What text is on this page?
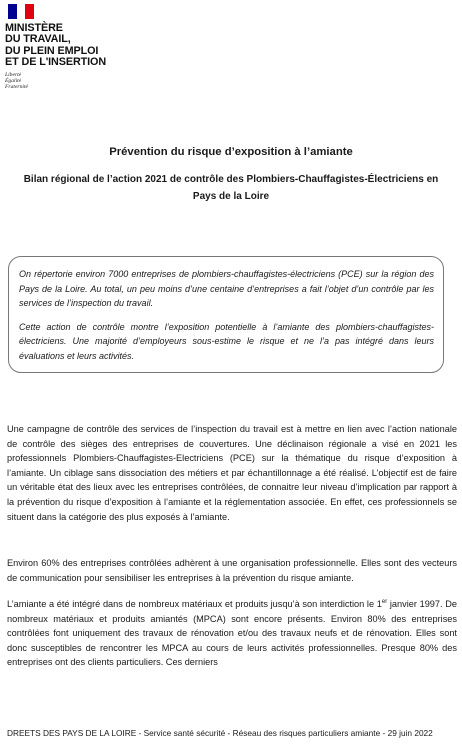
MINISTÈRE
DU TRAVAIL,
DU PLEIN EMPLOI
ET DE L'INSERTION
Liberté
Égalité
Fraternité
Prévention du risque d’exposition à l’amiante
Bilan régional de l’action 2021 de contrôle des Plombiers-Chauffagistes-Électriciens en Pays de la Loire

On répertorie environ 7000 entreprises de plombiers-chauffagistes-électriciens (PCE) sur la région des Pays de la Loire. Au total, un peu moins d’une centaine d’entreprises a fait l’objet d’un contrôle par les services de l’inspection du travail.

Cette action de contrôle montre l’exposition potentielle à l’amiante des plombiers-chauffagistes-électriciens. Une majorité d’employeurs sous-estime le risque et ne l’a pas intégré dans leurs évaluations et leurs activités.

Une campagne de contrôle des services de l’inspection du travail est à mettre en lien avec l’action nationale de contrôle des sièges des entreprises de couvertures. Une déclinaison régionale a visé en 2021 les professionnels Plombiers-Chauffagistes-Electriciens (PCE) sur la thématique du risque d’exposition à l’amiante. Un ciblage sans dissociation des métiers et par échantillonnage a été réalisé. L’objectif est de faire un véritable état des lieux avec les entreprises contrôlées, de connaitre leur niveau d’implication par rapport à la prévention du risque d’exposition à l’amiante et la réglementation associée. En effet, ces professionnels se situent dans la catégorie des plus exposés à l’amiante.

Environ 60% des entreprises contrôlées adhèrent à une organisation professionnelle. Elles sont des vecteurs de communication pour sensibiliser les entreprises à la prévention du risque amiante.

L’amiante a été intégré dans de nombreux matériaux et produits jusqu’à son interdiction le 1er janvier 1997. De nombreux matériaux et produits amiantés (MPCA) sont encore présents. Environ 80% des entreprises contrôlées font uniquement des travaux de rénovation et/ou des travaux neufs et de rénovation. Elles sont donc susceptibles de rencontrer les MPCA au cours de leurs activités professionnelles. Presque 80% des entreprises ont des clients particuliers. Ces derniers

DREETS DES PAYS DE LA LOIRE - Service santé sécurité - Réseau des risques particuliers amiante - 29 juin 2022
